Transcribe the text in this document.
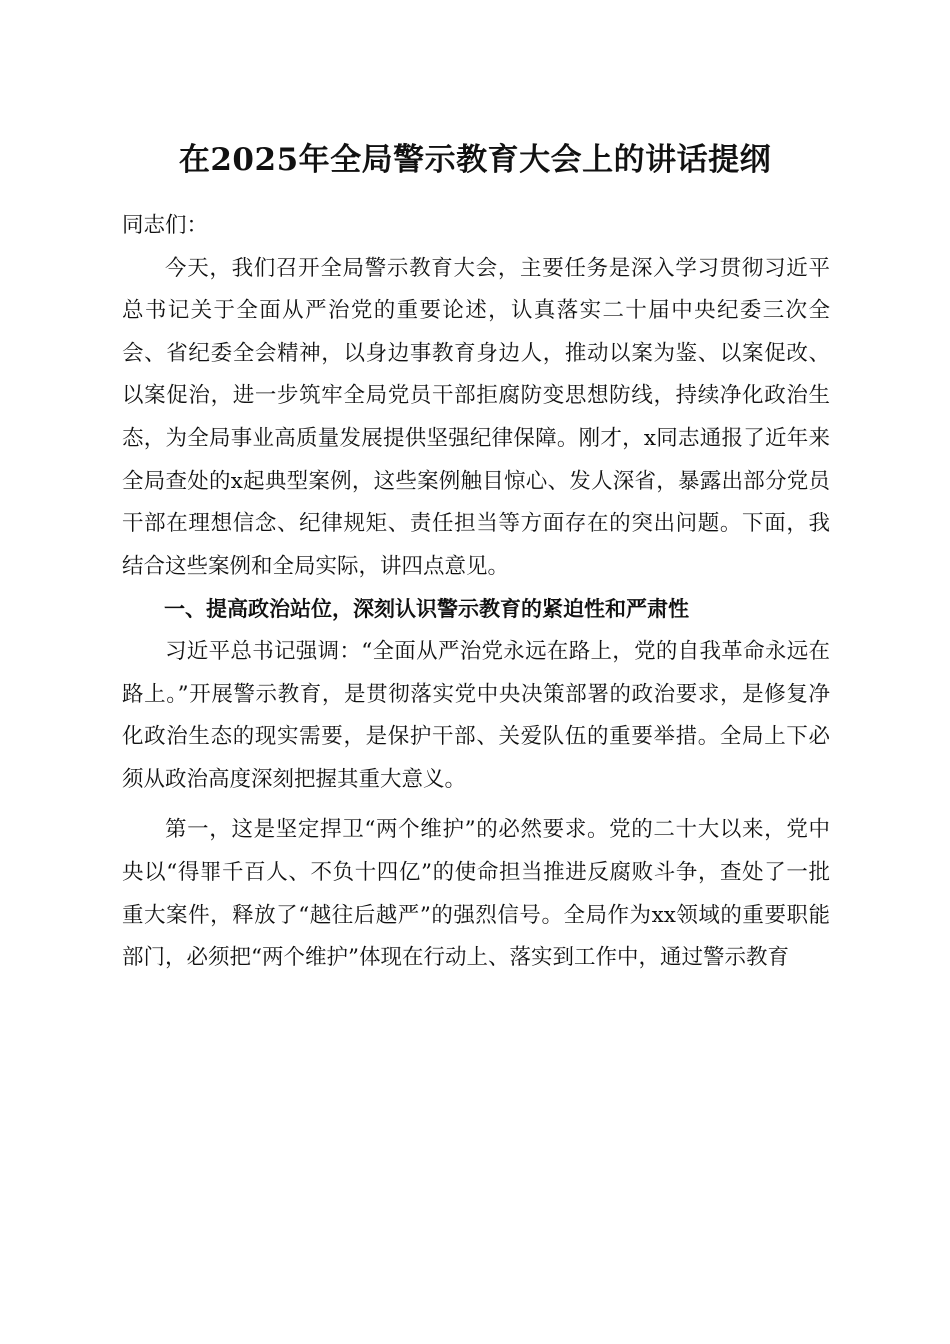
在2025年全局警示教育大会上的讲话提纲

同志们：

今天，我们召开全局警示教育大会，主要任务是深入学习贯彻习近平总书记关于全面从严治党的重要论述，认真落实二十届中央纪委三次全会、省纪委全会精神，以身边事教育身边人，推动以案为鉴、以案促改、以案促治，进一步筑牢全局党员干部拒腐防变思想防线，持续净化政治生态，为全局事业高质量发展提供坚强纪律保障。刚才，x同志通报了近年来全局查处的x起典型案例，这些案例触目惊心、发人深省，暴露出部分党员干部在理想信念、纪律规矩、责任担当等方面存在的突出问题。下面，我结合这些案例和全局实际，讲四点意见。

一、提高政治站位，深刻认识警示教育的紧迫性和严肃性

习近平总书记强调：“全面从严治党永远在路上，党的自我革命永远在路上。”开展警示教育，是贯彻落实党中央决策部署的政治要求，是修复净化政治生态的现实需要，是保护干部、关爱队伍的重要举措。全局上下必须从政治高度深刻把握其重大意义。

第一，这是坚定捍卫“两个维护”的必然要求。党的二十大以来，党中央以“得罪千百人、不负十四亿”的使命担当推进反腐败斗争，查处了一批重大案件，释放了“越往后越严”的强烈信号。全局作为xx领域的重要职能部门，必须把“两个维护”体现在行动上、落实到工作中，通过警示教育
